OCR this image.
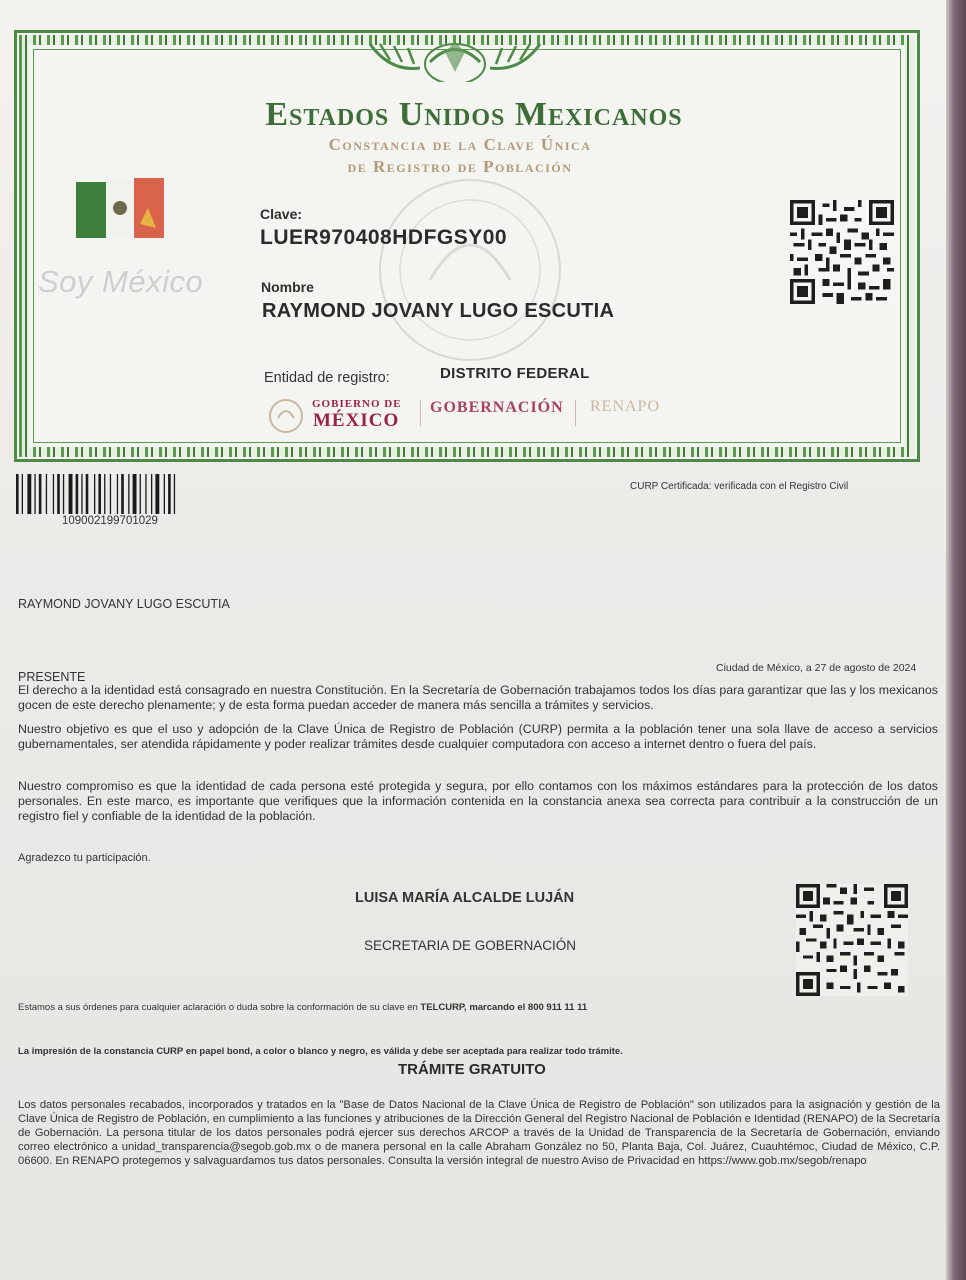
Estados Unidos Mexicanos
Constancia de la Clave Única
de Registro de Población
Soy México
Clave:
LUER970408HDFGSY00
Nombre
RAYMOND JOVANY LUGO ESCUTIA
Entidad de registro:	DISTRITO FEDERAL
GOBIERNO DE
MÉXICO
GOBERNACIÓN RENAPO
109002199701029
CURP Certificada: verificada con el Registro Civil
RAYMOND JOVANY LUGO ESCUTIA
PRESENTE
Ciudad de México, a 27 de agosto de 2024
El derecho a la identidad está consagrado en nuestra Constitución. En la Secretaría de Gobernación trabajamos todos los días para garantizar que las y los mexicanos gocen de este derecho plenamente; y de esta forma puedan acceder de manera más sencilla a trámites y servicios.
Nuestro objetivo es que el uso y adopción de la Clave Única de Registro de Población (CURP) permita a la población tener una sola llave de acceso a servicios gubernamentales, ser atendida rápidamente y poder realizar trámites desde cualquier computadora con acceso a internet dentro o fuera del país.
Nuestro compromiso es que la identidad de cada persona esté protegida y segura, por ello contamos con los máximos estándares para la protección de los datos personales. En este marco, es importante que verifiques que la información contenida en la constancia anexa sea correcta para contribuir a la construcción de un registro fiel y confiable de la identidad de la población.
Agradezco tu participación.
LUISA MARÍA ALCALDE LUJÁN
SECRETARIA DE GOBERNACIÓN
Estamos a sus órdenes para cualquier aclaración o duda sobre la conformación de su clave en TELCURP, marcando el 800 911 11 11
La impresión de la constancia CURP en papel bond, a color o blanco y negro, es válida y debe ser aceptada para realizar todo trámite.
TRÁMITE GRATUITO
Los datos personales recabados, incorporados y tratados en la "Base de Datos Nacional de la Clave Única de Registro de Población" son utilizados para la asignación y gestión de la Clave Única de Registro de Población, en cumplimiento a las funciones y atribuciones de la Dirección General del Registro Nacional de Población e Identidad (RENAPO) de la Secretaría de Gobernación. La persona titular de los datos personales podrá ejercer sus derechos ARCOP a través de la Unidad de Transparencia de la Secretaría de Gobernación, enviando correo electrónico a unidad_transparencia@segob.gob.mx o de manera personal en la calle Abraham González no 50, Planta Baja, Col. Juárez, Cuauhtémoc, Ciudad de México, C.P. 06600. En RENAPO protegemos y salvaguardamos tus datos personales. Consulta la versión integral de nuestro Aviso de Privacidad en https://www.gob.mx/segob/renapo
